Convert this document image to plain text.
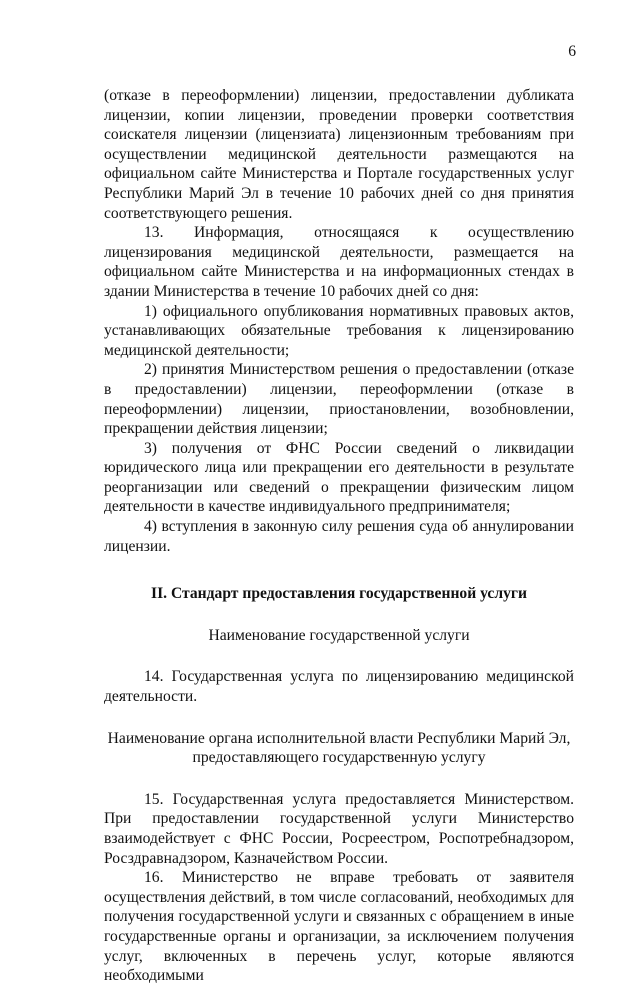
6

(отказе в переоформлении) лицензии, предоставлении дубликата лицензии, копии лицензии, проведении проверки соответствия соискателя лицензии (лицензиата) лицензионным требованиям при осуществлении медицинской деятельности размещаются на официальном сайте Министерства и Портале государственных услуг Республики Марий Эл в течение 10 рабочих дней со дня принятия соответствующего решения.

13. Информация, относящаяся к осуществлению лицензирования медицинской деятельности, размещается на официальном сайте Министерства и на информационных стендах в здании Министерства в течение 10 рабочих дней со дня:

1) официального опубликования нормативных правовых актов, устанавливающих обязательные требования к лицензированию медицинской деятельности;

2) принятия Министерством решения о предоставлении (отказе в предоставлении) лицензии, переоформлении (отказе в переоформлении) лицензии, приостановлении, возобновлении, прекращении действия лицензии;

3) получения от ФНС России сведений о ликвидации юридического лица или прекращении его деятельности в результате реорганизации или сведений о прекращении физическим лицом деятельности в качестве индивидуального предпринимателя;

4) вступления в законную силу решения суда об аннулировании лицензии.

II. Стандарт предоставления государственной услуги

Наименование государственной услуги

14. Государственная услуга по лицензированию медицинской деятельности.

Наименование органа исполнительной власти Республики Марий Эл,

предоставляющего государственную услугу

15. Государственная услуга предоставляется Министерством. При предоставлении государственной услуги Министерство взаимодействует с ФНС России, Росреестром, Роспотребнадзором, Росздравнадзором, Казначейством России.

16. Министерство не вправе требовать от заявителя осуществления действий, в том числе согласований, необходимых для получения государственной услуги и связанных с обращением в иные государственные органы и организации, за исключением получения услуг, включенных в перечень услуг, которые являются необходимыми
